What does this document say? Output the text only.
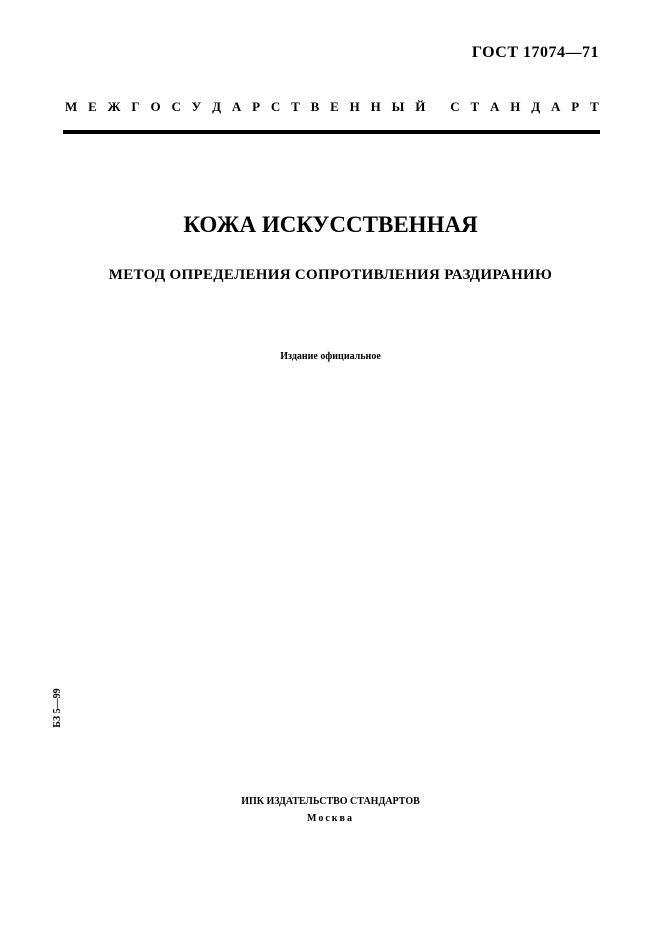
ГОСТ 17074—71
М Е Ж Г О С У Д А Р С Т В Е Н Н Ы Й
С Т А Н Д А Р Т
КОЖА ИСКУССТВЕННАЯ
МЕТОД ОПРЕДЕЛЕНИЯ СОПРОТИВЛЕНИЯ РАЗДИРАНИЮ
Издание официальное
БЗ 5—99
ИПК ИЗДАТЕЛЬСТВО СТАНДАРТОВ
Москва
